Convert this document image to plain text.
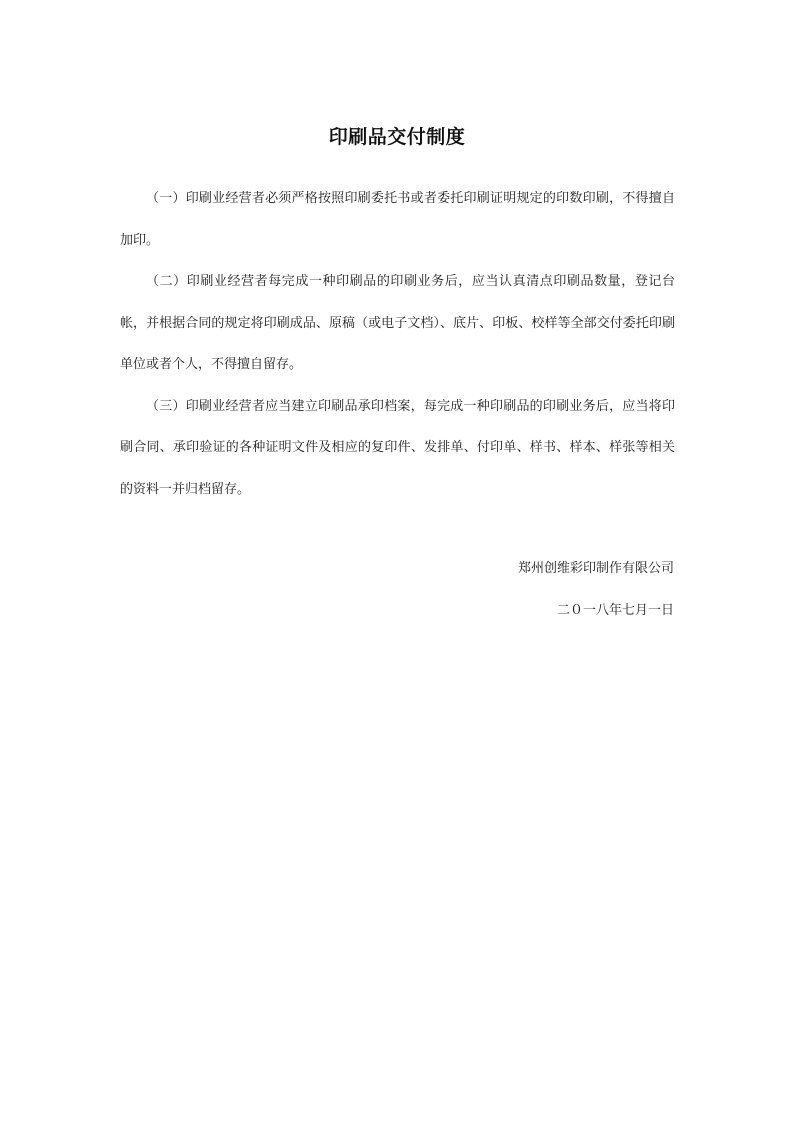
印刷品交付制度

（一）印刷业经营者必须严格按照印刷委托书或者委托印刷证明规定的印数印刷，不得擅自加印。

（二）印刷业经营者每完成一种印刷品的印刷业务后，应当认真清点印刷品数量，登记台帐，并根据合同的规定将印刷成品、原稿（或电子文档）、底片、印板、校样等全部交付委托印刷单位或者个人，不得擅自留存。

（三）印刷业经营者应当建立印刷品承印档案，每完成一种印刷品的印刷业务后，应当将印刷合同、承印验证的各种证明文件及相应的复印件、发排单、付印单、样书、样本、样张等相关的资料一并归档留存。

郑州创维彩印制作有限公司
二０一八年七月一日
